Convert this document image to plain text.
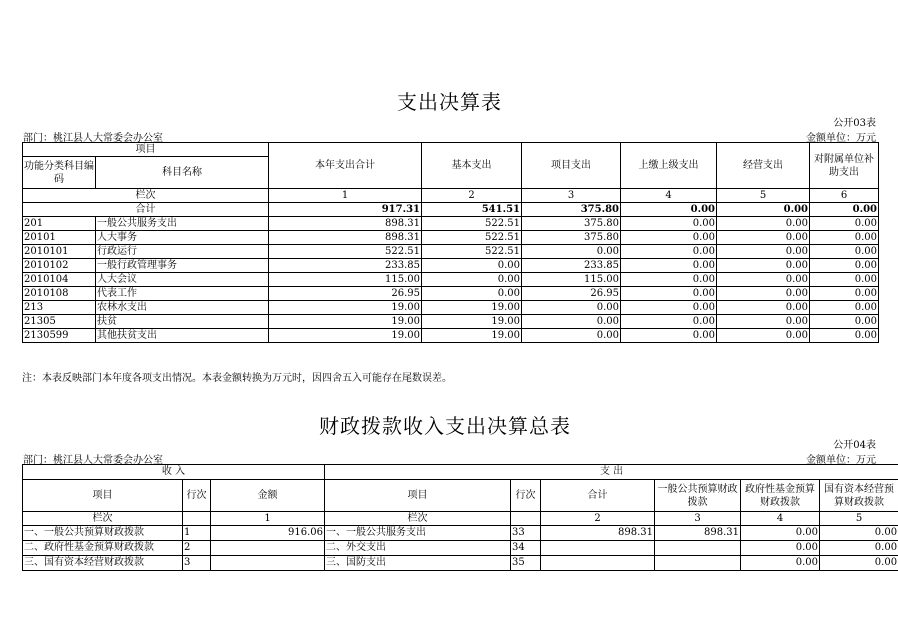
支出决算表
公开03表
部门：桃江县人大常委会办公室	金额单位：万元
项目		本年支出合计	基本支出	项目支出	上缴上级支出	经营支出	对附属单位补助支出
功能分类科目编码	科目名称						
栏次		1	2	3	4	5	6
合计		917.31	541.51	375.80	0.00	0.00	0.00
201	一般公共服务支出	898.31	522.51	375.80	0.00	0.00	0.00
20101	人大事务	898.31	522.51	375.80	0.00	0.00	0.00
2010101	行政运行	522.51	522.51	0.00	0.00	0.00	0.00
2010102	一般行政管理事务	233.85	0.00	233.85	0.00	0.00	0.00
2010104	人大会议	115.00	0.00	115.00	0.00	0.00	0.00
2010108	代表工作	26.95	0.00	26.95	0.00	0.00	0.00
213	农林水支出	19.00	19.00	0.00	0.00	0.00	0.00
21305	扶贫	19.00	19.00	0.00	0.00	0.00	0.00
2130599	其他扶贫支出	19.00	19.00	0.00	0.00	0.00	0.00
注：本表反映部门本年度各项支出情况。本表金额转换为万元时，因四舍五入可能存在尾数误差。
财政拨款收入支出决算总表
公开04表
部门：桃江县人大常委会办公室	金额单位：万元
收 入			支 出					
项目	行次	金额	项目	行次	合计	一般公共预算财政拨款	政府性基金预算财政拨款	国有资本经营预算财政拨款
栏次		1	栏次		2	3	4	5
一、一般公共预算财政拨款	1	916.06	一、一般公共服务支出	33	898.31	898.31	0.00	0.00
二、政府性基金预算财政拨款	2		二、外交支出	34			0.00	0.00
三、国有资本经营财政拨款	3		三、国防支出	35			0.00	0.00
